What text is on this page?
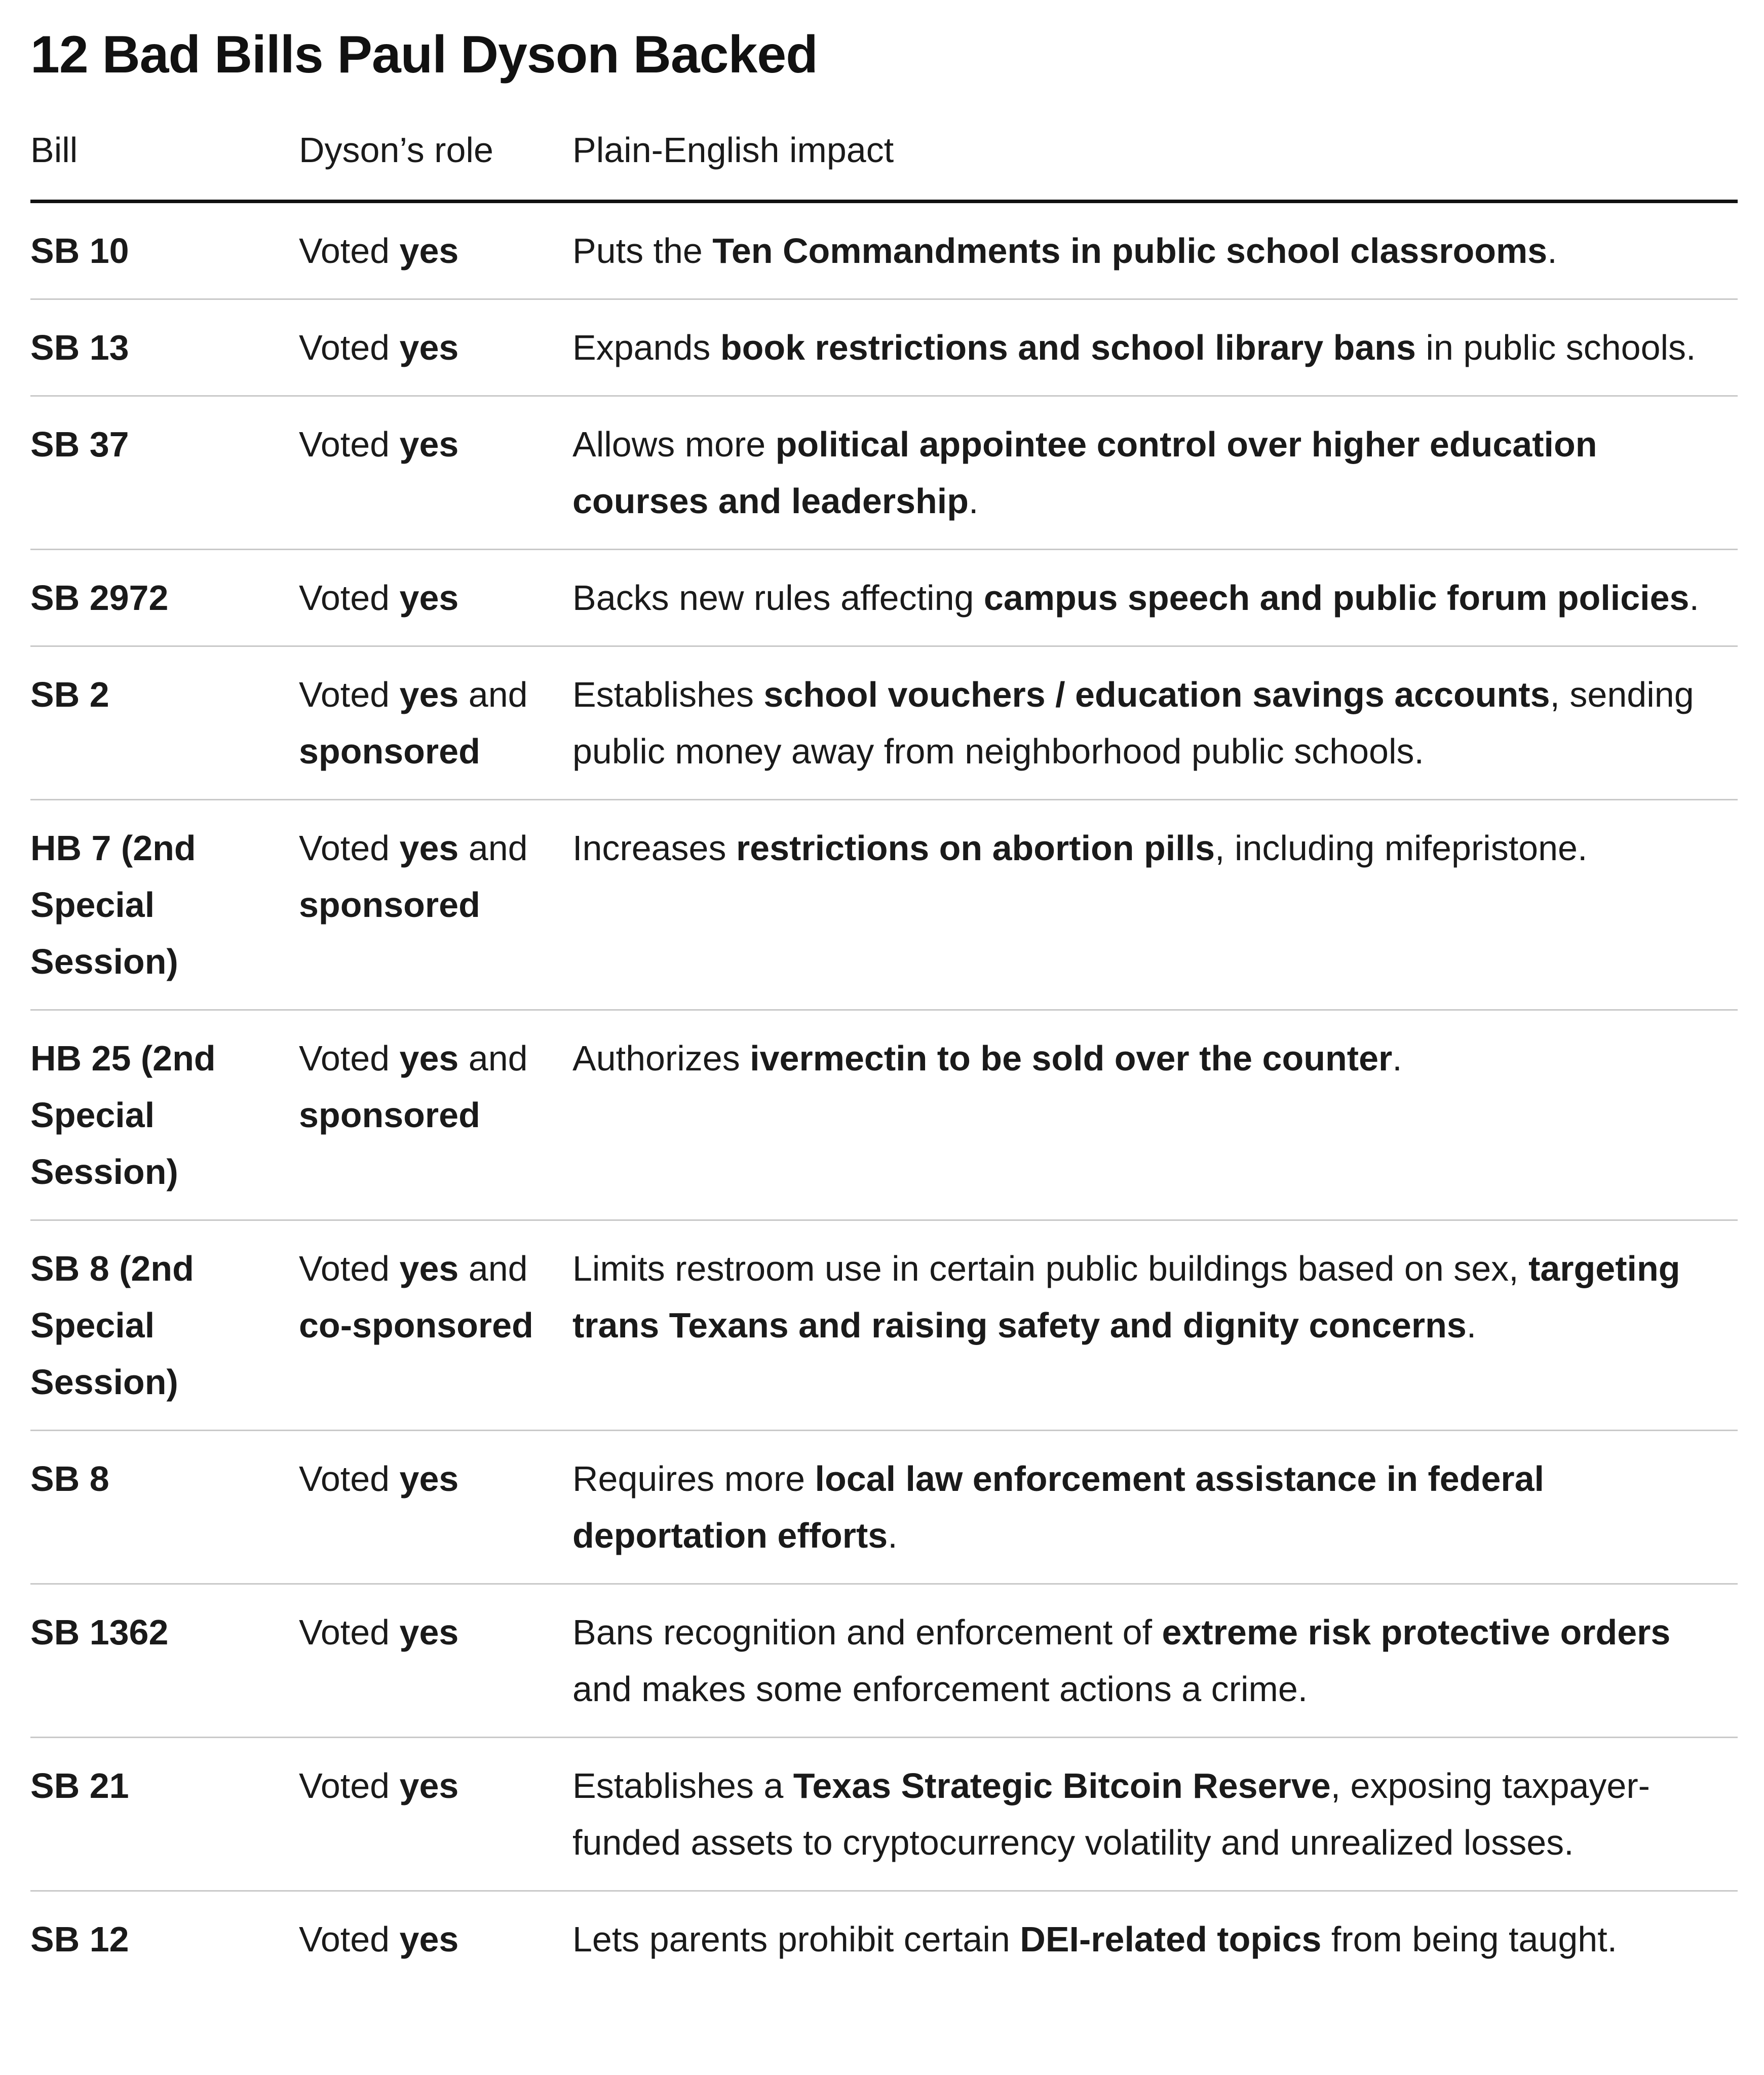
12 Bad Bills Paul Dyson Backed
Bill	Dyson’s role	Plain-English impact
SB 10	Voted yes	Puts the Ten Commandments in public school classrooms.
SB 13	Voted yes	Expands book restrictions and school library bans in public schools.
SB 37	Voted yes	Allows more political appointee control over higher education courses and leadership.
SB 2972	Voted yes	Backs new rules affecting campus speech and public forum policies.
SB 2	Voted yes and sponsored	Establishes school vouchers / education savings accounts, sending public money away from neighborhood public schools.
HB 7 (2nd Special Session)	Voted yes and sponsored	Increases restrictions on abortion pills, including mifepristone.
HB 25 (2nd Special Session)	Voted yes and sponsored	Authorizes ivermectin to be sold over the counter.
SB 8 (2nd Special Session)	Voted yes and co-sponsored	Limits restroom use in certain public buildings based on sex, targeting trans Texans and raising safety and dignity concerns.
SB 8	Voted yes	Requires more local law enforcement assistance in federal deportation efforts.
SB 1362	Voted yes	Bans recognition and enforcement of extreme risk protective orders and makes some enforcement actions a crime.
SB 21	Voted yes	Establishes a Texas Strategic Bitcoin Reserve, exposing taxpayer-funded assets to cryptocurrency volatility and unrealized losses.
SB 12	Voted yes	Lets parents prohibit certain DEI-related topics from being taught.
